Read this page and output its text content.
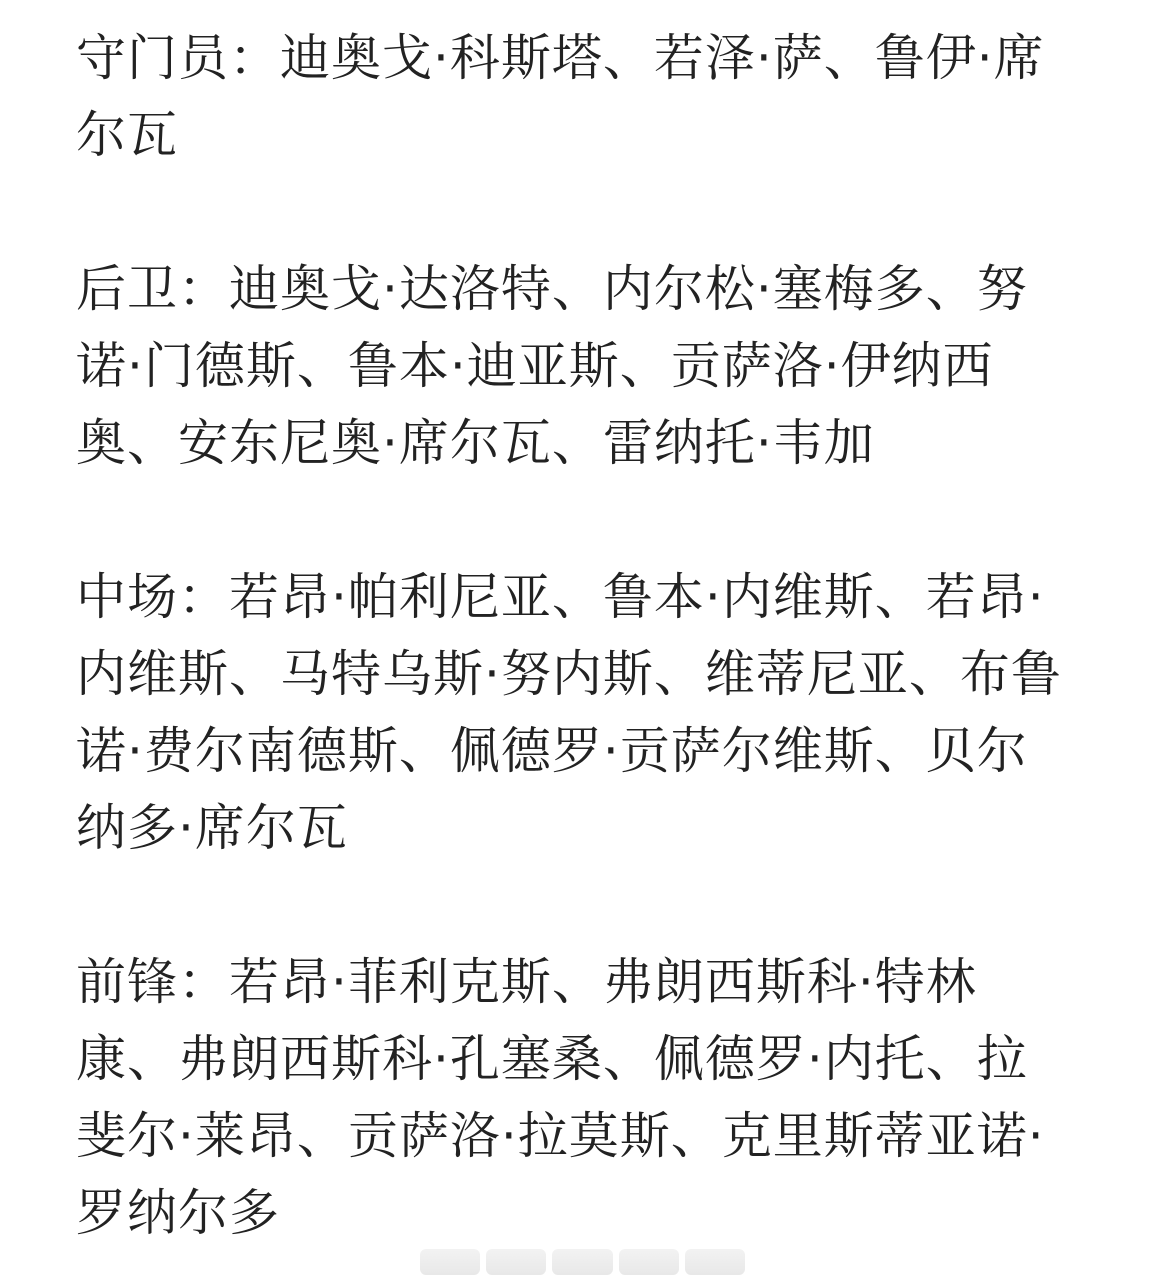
守门员：迪奥戈·科斯塔、若泽·萨、鲁伊·席尔瓦

后卫：迪奥戈·达洛特、内尔松·塞梅多、努诺·门德斯、鲁本·迪亚斯、贡萨洛·伊纳西奥、安东尼奥·席尔瓦、雷纳托·韦加

中场：若昂·帕利尼亚、鲁本·内维斯、若昂·内维斯、马特乌斯·努内斯、维蒂尼亚、布鲁诺·费尔南德斯、佩德罗·贡萨尔维斯、贝尔纳多·席尔瓦

前锋：若昂·菲利克斯、弗朗西斯科·特林康、弗朗西斯科·孔塞桑、佩德罗·内托、拉斐尔·莱昂、贡萨洛·拉莫斯、克里斯蒂亚诺·罗纳尔多
